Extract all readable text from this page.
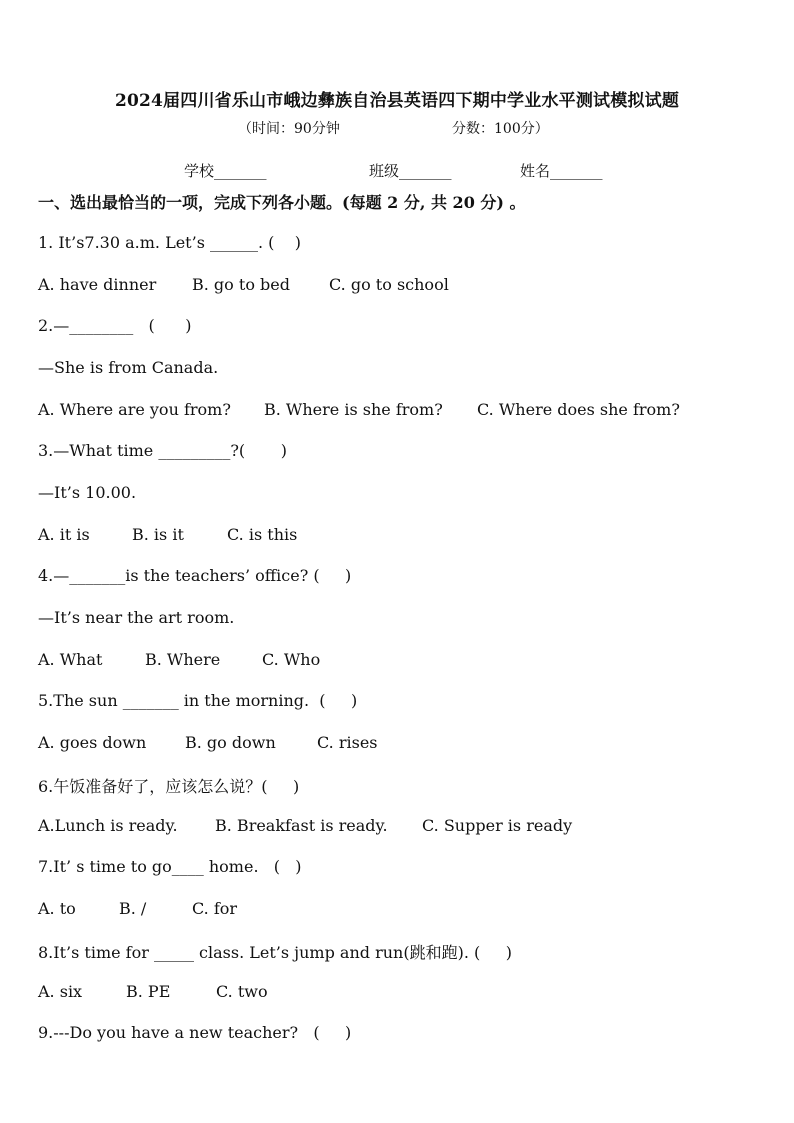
2024届四川省乐山市峨边彝族自治县英语四下期中学业水平测试模拟试题
（时间：90分钟	分数：100分）
学校_______	班级_______	姓名_______
一、选出最恰当的一项，完成下列各小题。(每题 2 分, 共 20 分) 。
1. It’s7.30 a.m. Let’s ______. (    )
A. have dinner B. go to bed C. go to school
2.—________   (      )
—She is from Canada.
A. Where are you from? B. Where is she from? C. Where does she from?
3.—What time _________?(       )
—It’s 10.00.
A. it is	B. is it	C. is this
4.—_______is the teachers’ office? (     )
—It’s near the art room.
A. What	B. Where	C. Who
5.The sun _______ in the morning.  (     )
A. goes down B. go down	C. rises
6.午饭准备好了，应该怎么说？(     )
A.Lunch is ready. B. Breakfast is ready. C. Supper is ready
7.It’ s time to go____ home.   (   )
A. to	B. /	C. for
8.It’s time for _____ class. Let’s jump and run(跳和跑). (     )
A. six	B. PE	C. two
9.---Do you have a new teacher?   (     )
